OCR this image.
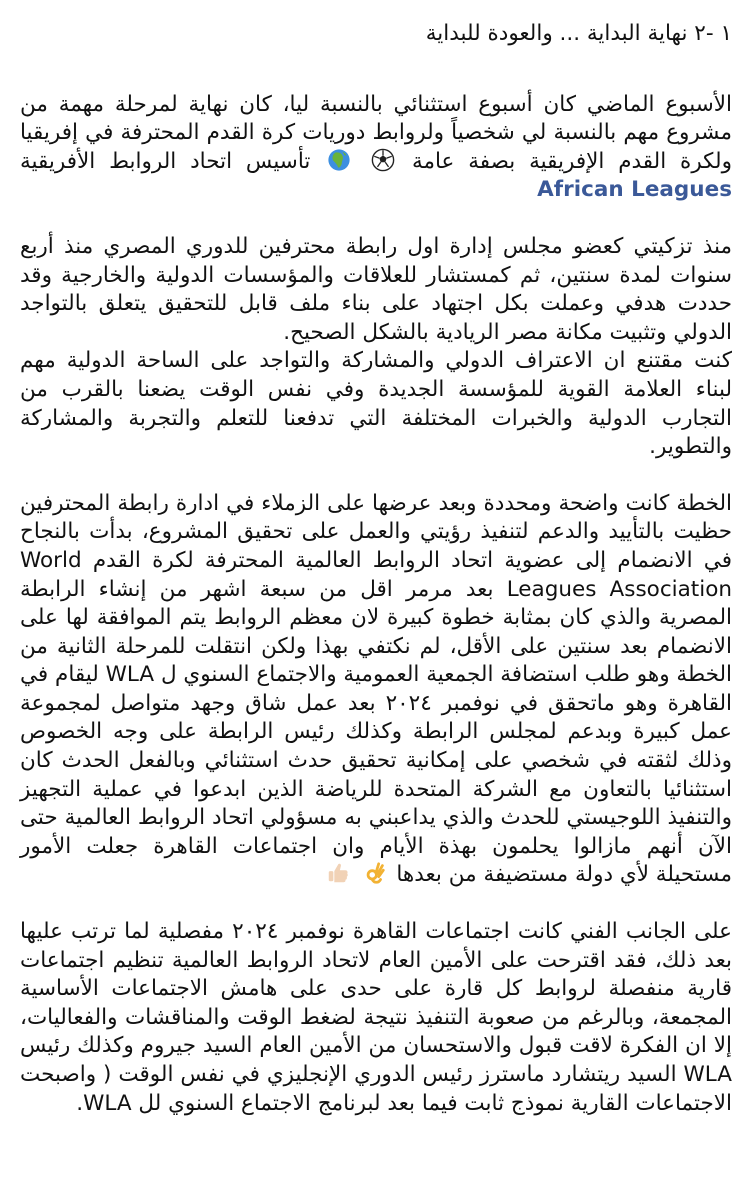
١ -٢ نهاية البداية ... والعودة للبداية

الأسبوع الماضي كان أسبوع استثنائي بالنسبة ليا، كان نهاية لمرحلة مهمة من مشروع مهم بالنسبة لي شخصياً ولروابط دوريات كرة القدم المحترفة في إفريقيا ولكرة القدم الإفريقية بصفة عامة   تأسيس اتحاد الروابط الأفريقية African Leagues

منذ تزكيتي كعضو مجلس إدارة اول رابطة محترفين للدوري المصري منذ أربع سنوات لمدة سنتين، ثم كمستشار للعلاقات والمؤسسات الدولية والخارجية وقد حددت هدفي وعملت بكل اجتهاد على بناء ملف قابل للتحقيق يتعلق بالتواجد الدولي وتثبيت مكانة مصر الريادية بالشكل الصحيح.

كنت مقتنع ان الاعتراف الدولي والمشاركة والتواجد على الساحة الدولية مهم لبناء العلامة القوية للمؤسسة الجديدة وفي نفس الوقت يضعنا بالقرب من التجارب الدولية والخبرات المختلفة التي تدفعنا للتعلم والتجربة والمشاركة والتطوير.

الخطة كانت واضحة ومحددة وبعد عرضها على الزملاء في ادارة رابطة المحترفين حظيت بالتأييد والدعم لتنفيذ رؤيتي والعمل على تحقيق المشروع، بدأت بالنجاح في الانضمام إلى عضوية اتحاد الروابط العالمية المحترفة لكرة القدم World Leagues Association بعد مرمر اقل من سبعة اشهر من إنشاء الرابطة المصرية والذي كان بمثابة خطوة كبيرة لان معظم الروابط يتم الموافقة لها على الانضمام بعد سنتين على الأقل، لم نكتفي بهذا ولكن انتقلت للمرحلة الثانية من الخطة وهو طلب استضافة الجمعية العمومية والاجتماع السنوي ل WLA ليقام في القاهرة وهو ماتحقق في نوفمبر ٢٠٢٤ بعد عمل شاق وجهد متواصل لمجموعة عمل كبيرة وبدعم لمجلس الرابطة وكذلك رئيس الرابطة على وجه الخصوص وذلك لثقته في شخصي على إمكانية تحقيق حدث استثنائي وبالفعل الحدث كان استثنائيا بالتعاون مع الشركة المتحدة للرياضة الذين ابدعوا في عملية التجهيز والتنفيذ اللوجيستي للحدث والذي يداعبني به مسؤولي اتحاد الروابط العالمية حتى الآن أنهم مازالوا يحلمون بهذة الأيام وان اجتماعات القاهرة جعلت الأمور مستحيلة لأي دولة مستضيفة من بعدها

على الجانب الفني كانت اجتماعات القاهرة نوفمبر ٢٠٢٤ مفصلية لما ترتب عليها بعد ذلك، فقد اقترحت على الأمين العام لاتحاد الروابط العالمية تنظيم اجتماعات قارية منفصلة لروابط كل قارة على حدى على هامش الاجتماعات الأساسية المجمعة، وبالرغم من صعوبة التنفيذ نتيجة لضغط الوقت والمناقشات والفعاليات، إلا ان الفكرة لاقت قبول والاستحسان من الأمين العام السيد جيروم وكذلك رئيس WLA السيد ريتشارد ماسترز رئيس الدوري الإنجليزي في نفس الوقت ( واصبحت الاجتماعات القارية نموذج ثابت فيما بعد لبرنامج الاجتماع السنوي لل WLA.
